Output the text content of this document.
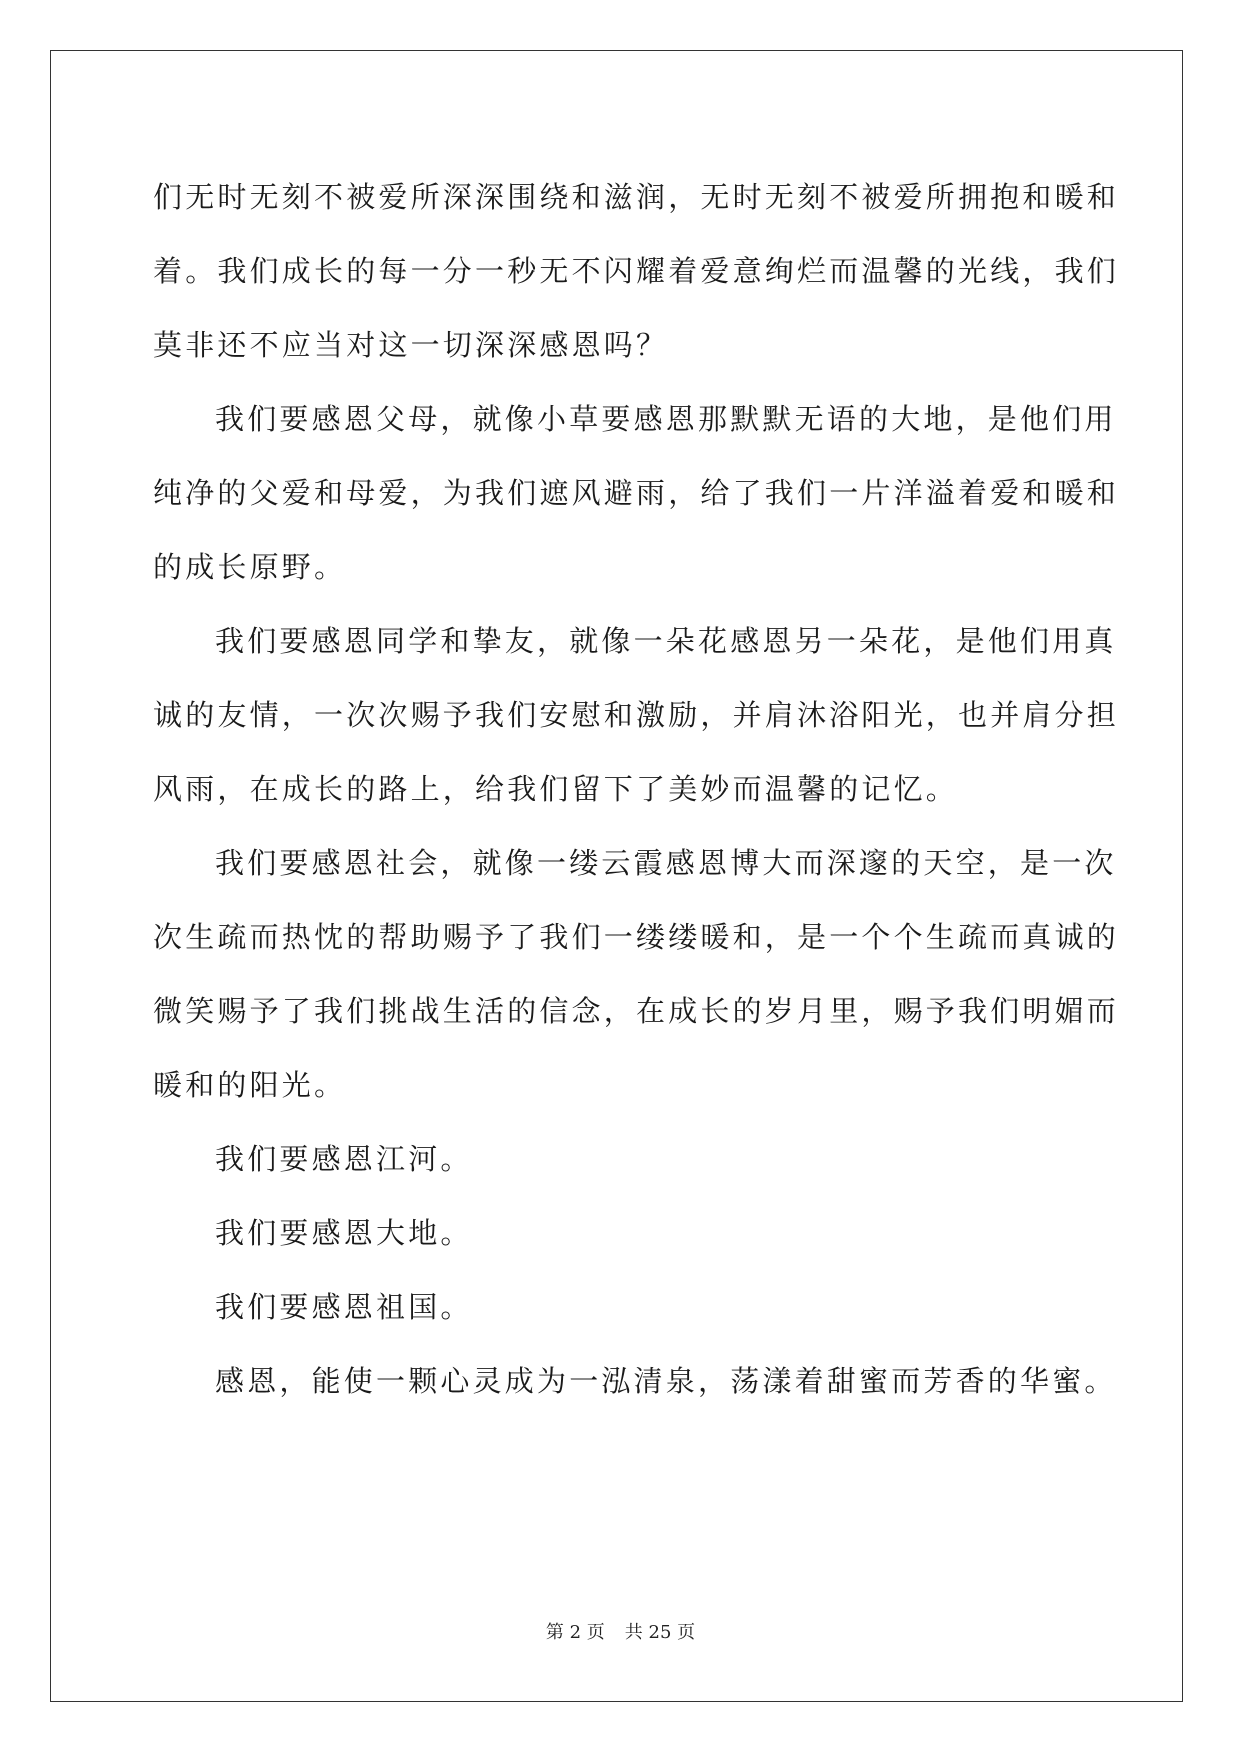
们无时无刻不被爱所深深围绕和滋润，无时无刻不被爱所拥抱和暖和
着。我们成长的每一分一秒无不闪耀着爱意绚烂而温馨的光线，我们
莫非还不应当对这一切深深感恩吗？
我们要感恩父母，就像小草要感恩那默默无语的大地，是他们用
纯净的父爱和母爱，为我们遮风避雨，给了我们一片洋溢着爱和暖和
的成长原野。
我们要感恩同学和挚友，就像一朵花感恩另一朵花，是他们用真
诚的友情，一次次赐予我们安慰和激励，并肩沐浴阳光，也并肩分担
风雨，在成长的路上，给我们留下了美妙而温馨的记忆。
我们要感恩社会，就像一缕云霞感恩博大而深邃的天空，是一次
次生疏而热忱的帮助赐予了我们一缕缕暖和，是一个个生疏而真诚的
微笑赐予了我们挑战生活的信念，在成长的岁月里，赐予我们明媚而
暖和的阳光。
我们要感恩江河。
我们要感恩大地。
我们要感恩祖国。
感恩，能使一颗心灵成为一泓清泉，荡漾着甜蜜而芳香的华蜜。
第 2 页 共 25 页
